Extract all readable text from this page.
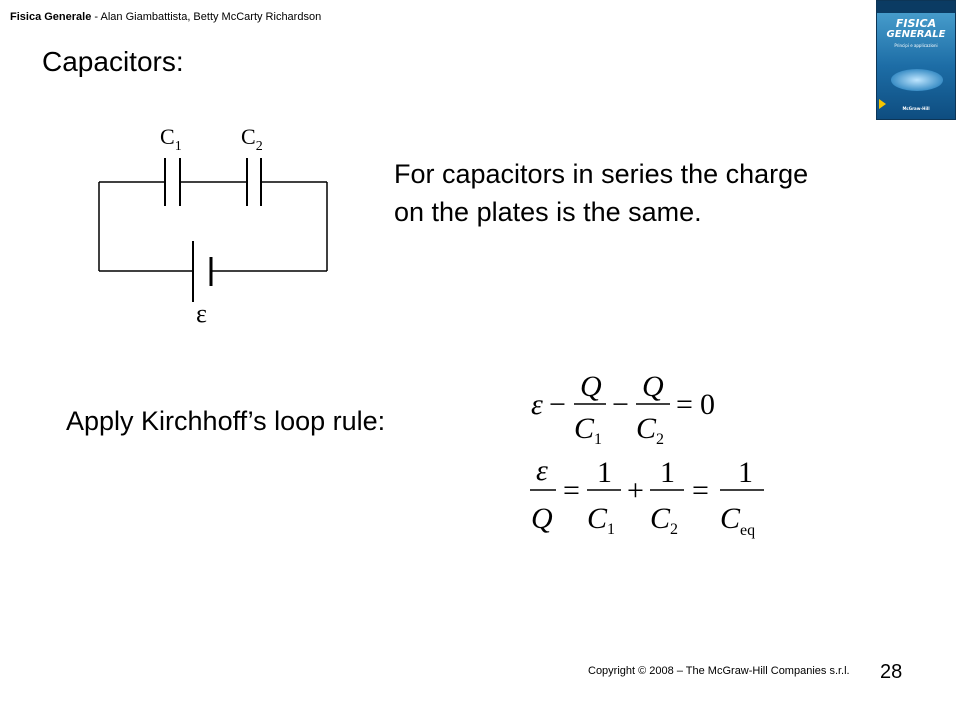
Fisica Generale - Alan Giambattista, Betty McCarty Richardson	FISICA
GENERALE
Principi e applicazioni
McGraw-Hill
Capacitors:
$C_1$	$C_2$
ε
ε −
Q
$C_1$
−
Q
$C_2$
= 0
ε
Q
=
1
$C_1$
+
1
$C_2$
=
1
$C_{eq}$
For capacitors in series the charge
on the plates is the same.
Apply Kirchhoff’s loop rule:
Copyright © 2008 – The McGraw-Hill Companies s.r.l. 28
